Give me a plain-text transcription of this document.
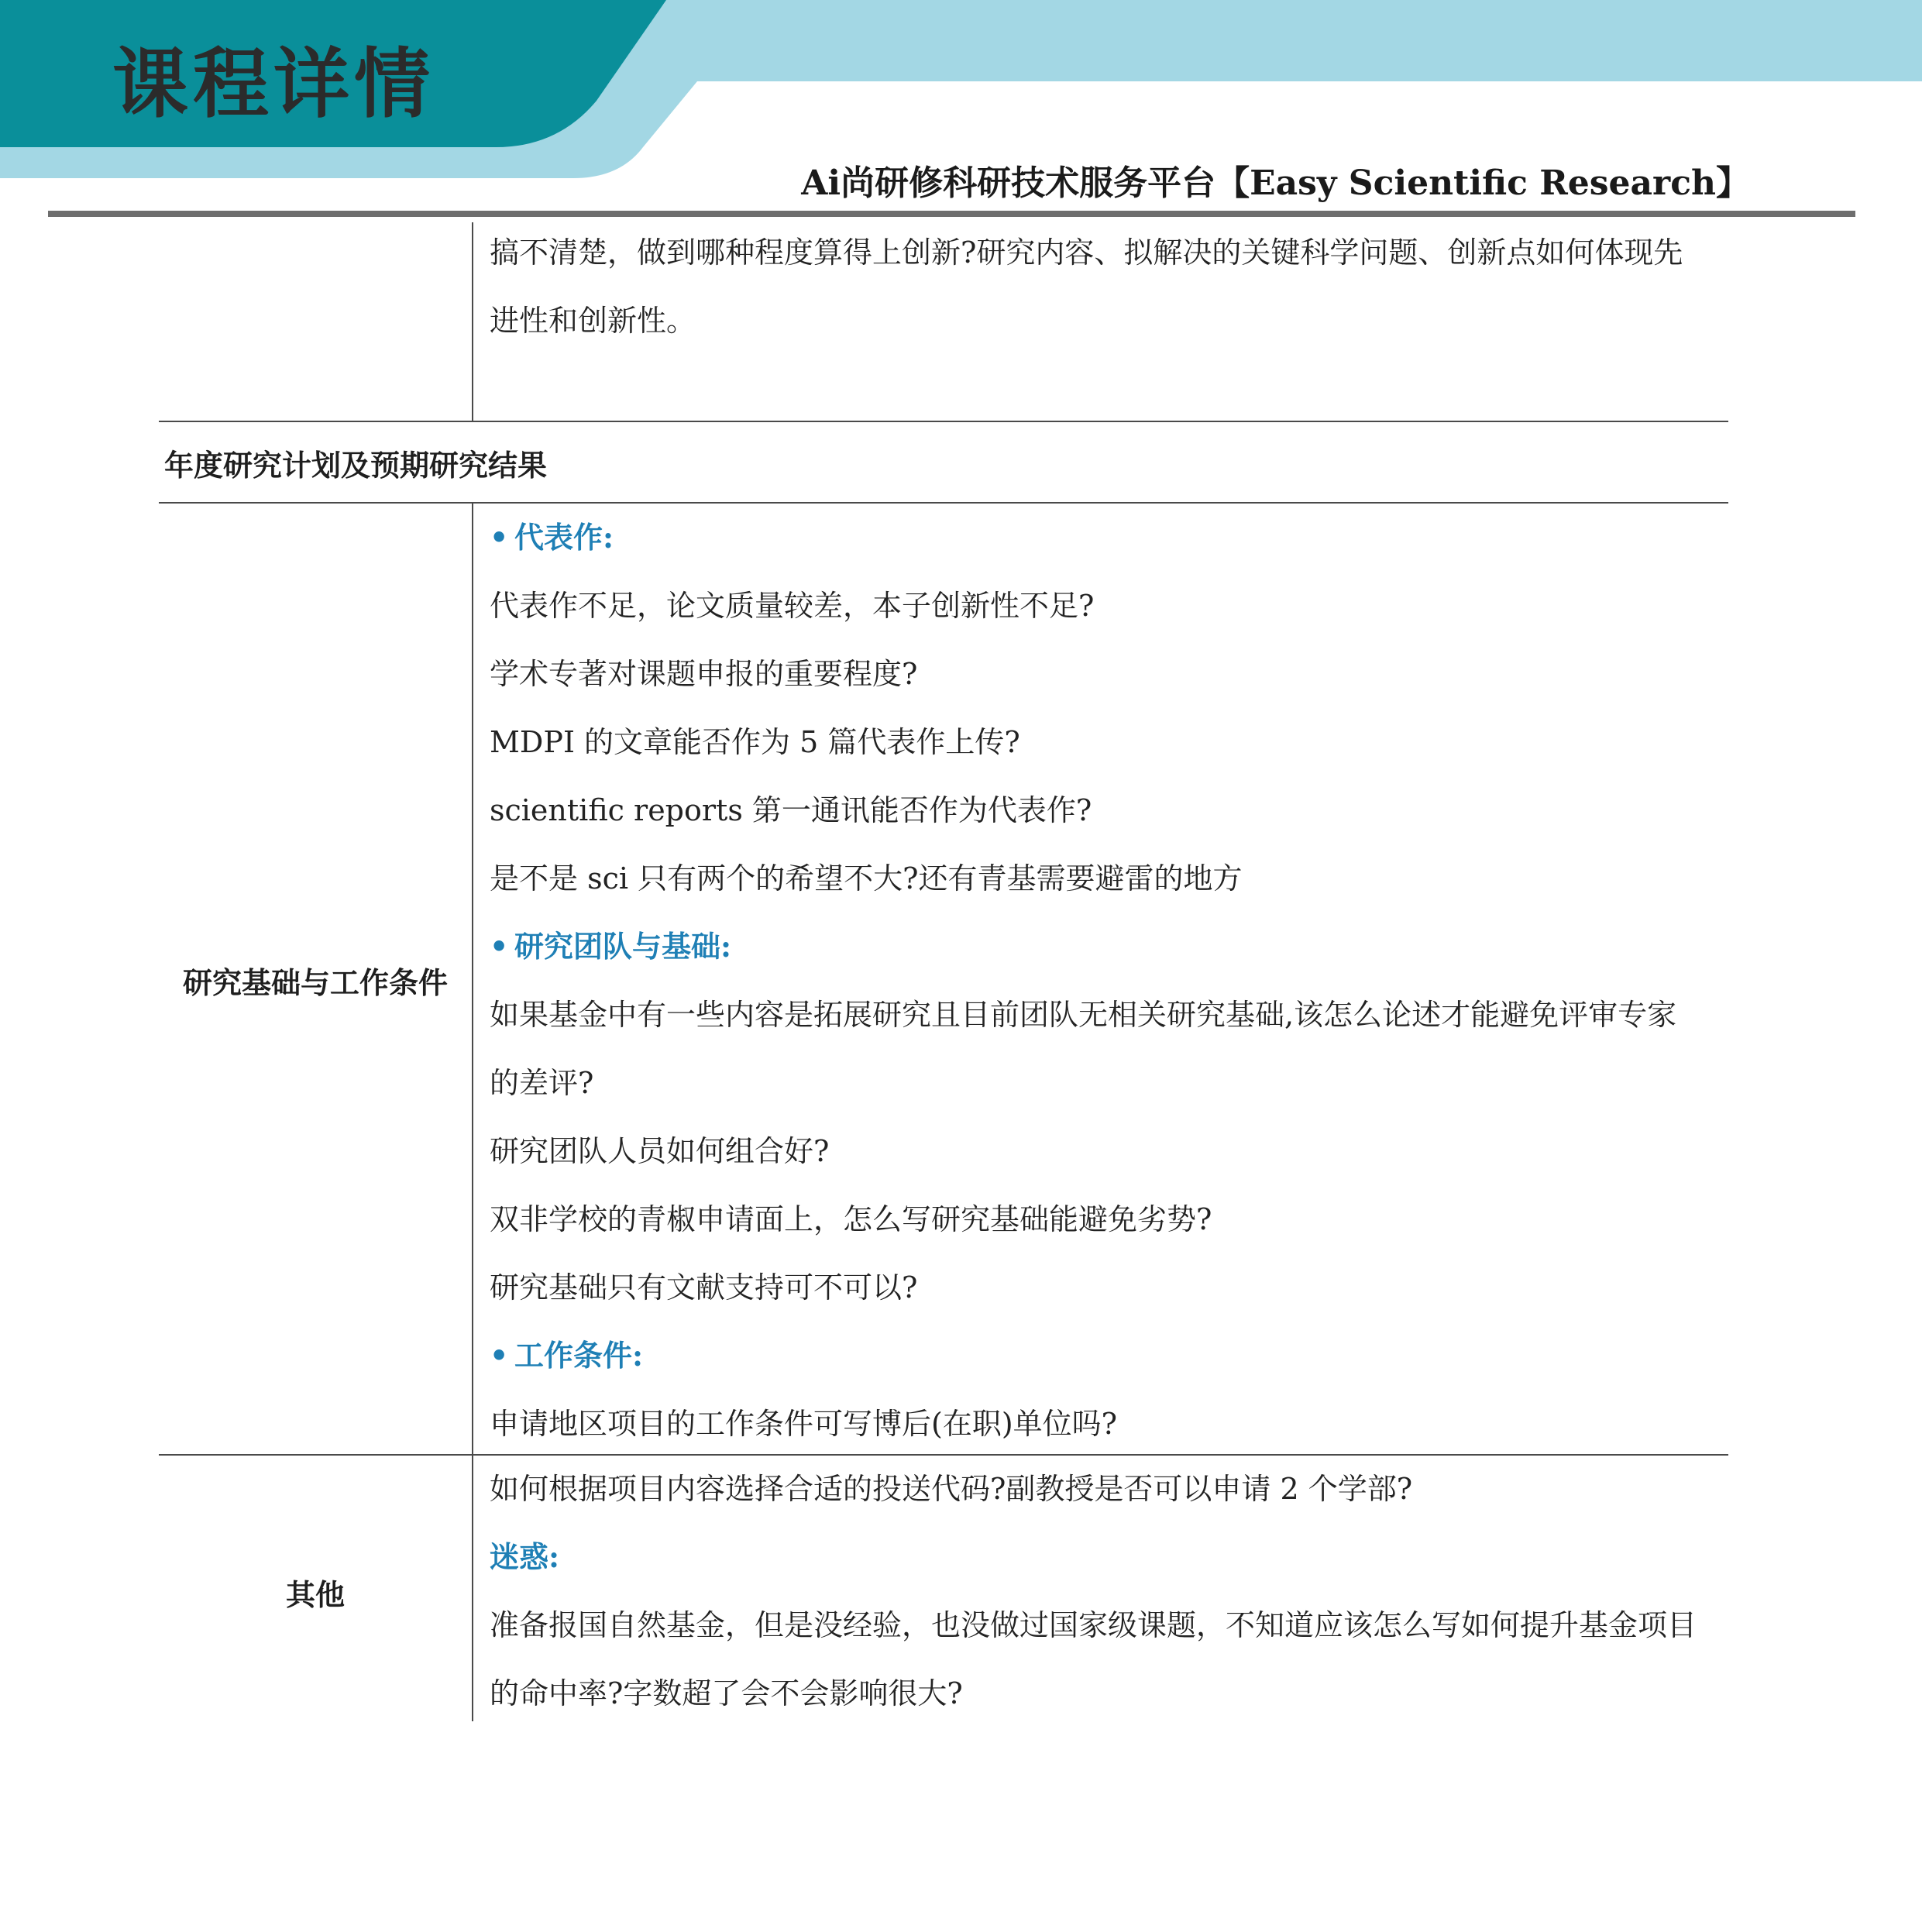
课程详情
Ai尚研修科研技术服务平台【Easy Scientific Research】
搞不清楚，做到哪种程度算得上创新?研究内容、拟解决的关键科学问题、创新点如何体现先
进性和创新性。
年度研究计划及预期研究结果
研究基础与工作条件
• 代表作:
代表作不足，论文质量较差，本子创新性不足?
学术专著对课题申报的重要程度?
MDPI 的文章能否作为 5 篇代表作上传?
scientific reports 第一通讯能否作为代表作?
是不是 sci 只有两个的希望不大?还有青基需要避雷的地方
• 研究团队与基础:
如果基金中有一些内容是拓展研究且目前团队无相关研究基础,该怎么论述才能避免评审专家
的差评?
研究团队人员如何组合好?
双非学校的青椒申请面上，怎么写研究基础能避免劣势?
研究基础只有文献支持可不可以?
• 工作条件:
申请地区项目的工作条件可写博后(在职)单位吗?
其他
如何根据项目内容选择合适的投送代码?副教授是否可以申请 2 个学部?
迷惑:
准备报国自然基金，但是没经验，也没做过国家级课题，不知道应该怎么写如何提升基金项目
的命中率?字数超了会不会影响很大?
